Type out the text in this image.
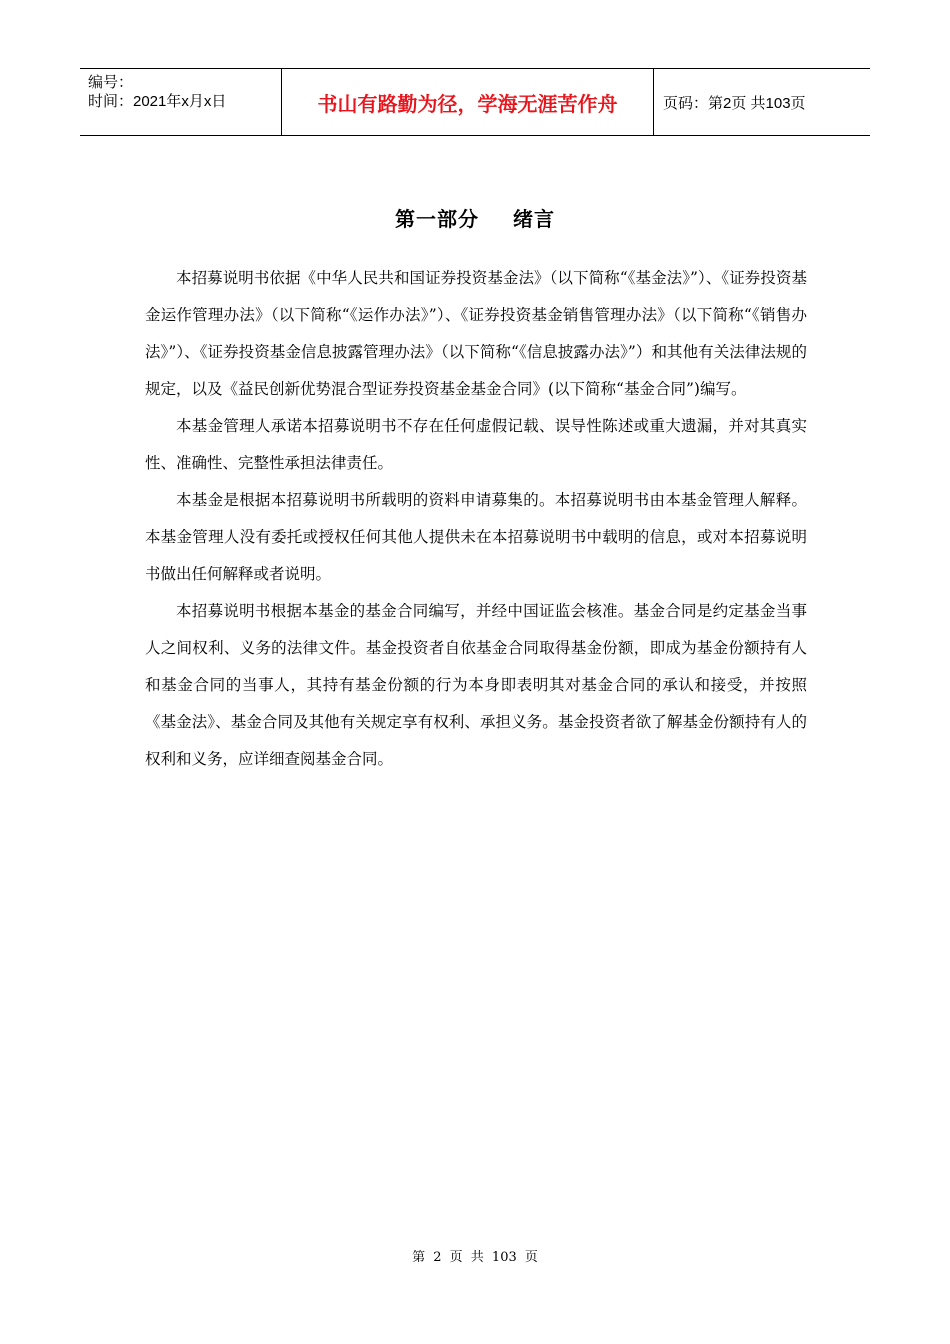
编号：
时间：2021年x月x日	书山有路勤为径，学海无涯苦作舟	页码：第2页 共103页
第一部分 绪言

本招募说明书依据《中华人民共和国证券投资基金法》（以下简称“《基金法》”）、《证券投资基金运作管理办法》（以下简称“《运作办法》”）、《证券投资基金销售管理办法》（以下简称“《销售办法》”）、《证券投资基金信息披露管理办法》（以下简称“《信息披露办法》”）和其他有关法律法规的规定，以及《益民创新优势混合型证券投资基金基金合同》(以下简称“基金合同”)编写。

本基金管理人承诺本招募说明书不存在任何虚假记载、误导性陈述或重大遗漏，并对其真实性、准确性、完整性承担法律责任。

本基金是根据本招募说明书所载明的资料申请募集的。本招募说明书由本基金管理人解释。本基金管理人没有委托或授权任何其他人提供未在本招募说明书中载明的信息，或对本招募说明书做出任何解释或者说明。

本招募说明书根据本基金的基金合同编写，并经中国证监会核准。基金合同是约定基金当事人之间权利、义务的法律文件。基金投资者自依基金合同取得基金份额，即成为基金份额持有人和基金合同的当事人，其持有基金份额的行为本身即表明其对基金合同的承认和接受，并按照《基金法》、基金合同及其他有关规定享有权利、承担义务。基金投资者欲了解基金份额持有人的权利和义务，应详细查阅基金合同。

第 2 页 共 103 页
